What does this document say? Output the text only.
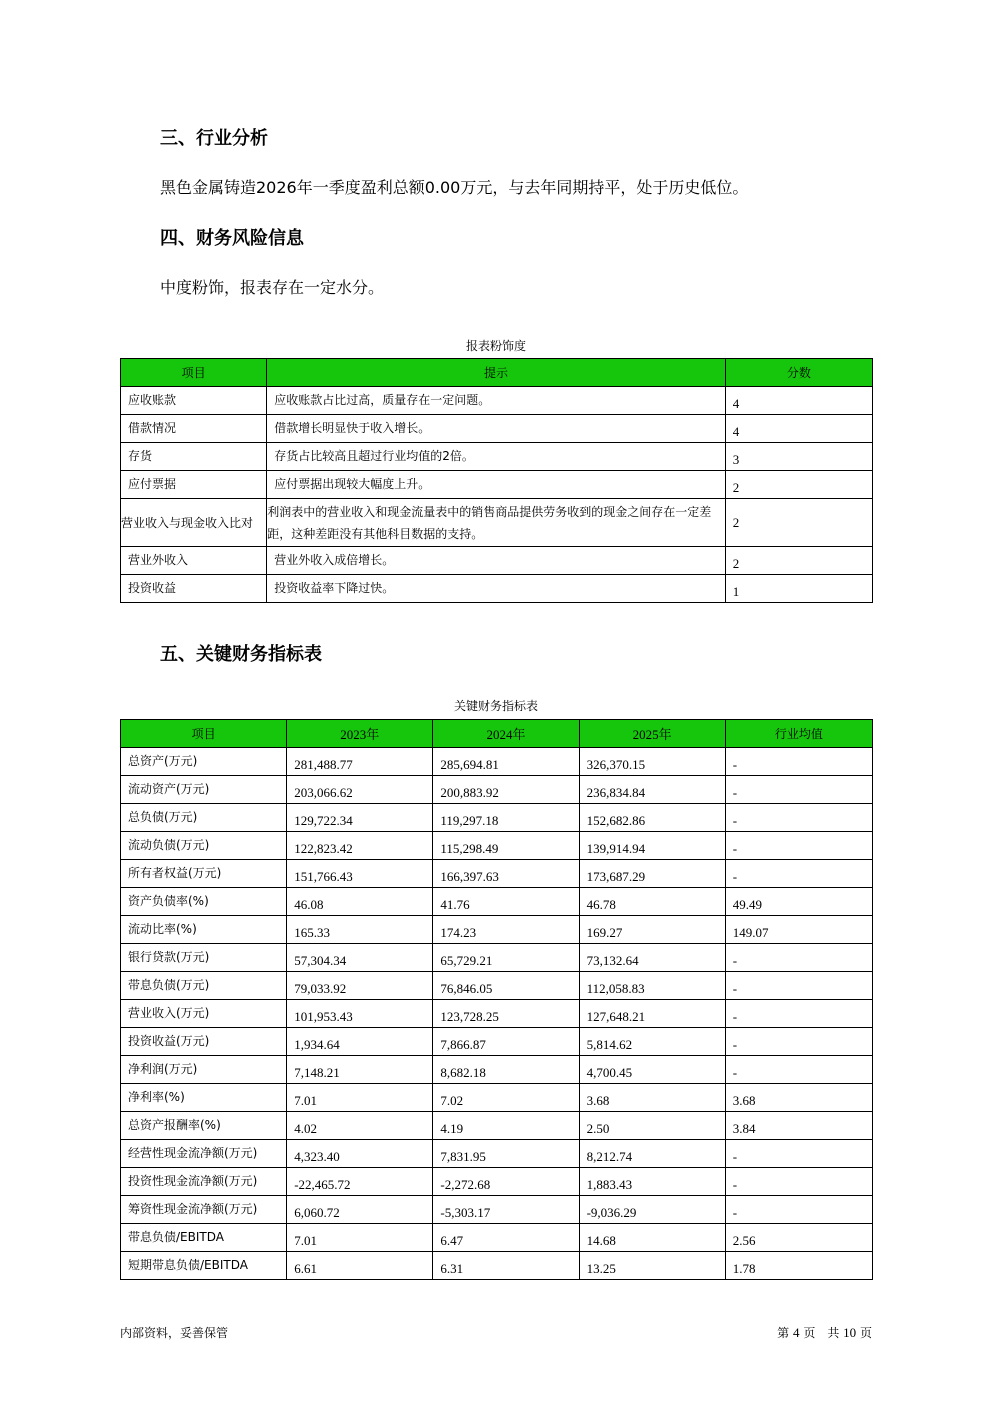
三、行业分析

黑色金属铸造2026年一季度盈利总额0.00万元，与去年同期持平，处于历史低位。

四、财务风险信息

中度粉饰，报表存在一定水分。

报表粉饰度
项目	提示	分数
应收账款	应收账款占比过高，质量存在一定问题。	4
借款情况	借款增长明显快于收入增长。	4
存货	存货占比较高且超过行业均值的2倍。	3
应付票据	应付票据出现较大幅度上升。	2
营业收入与现金收入比对	利润表中的营业收入和现金流量表中的销售商品提供劳务收到的现金之间存在一定差距，这种差距没有其他科目数据的支持。	2
营业外收入	营业外收入成倍增长。	2
投资收益	投资收益率下降过快。	1
五、关键财务指标表
关键财务指标表
项目	2023年	2024年	2025年	行业均值
总资产(万元)	281,488.77	285,694.81	326,370.15	-
流动资产(万元)	203,066.62	200,883.92	236,834.84	-
总负债(万元)	129,722.34	119,297.18	152,682.86	-
流动负债(万元)	122,823.42	115,298.49	139,914.94	-
所有者权益(万元)	151,766.43	166,397.63	173,687.29	-
资产负债率(%)	46.08	41.76	46.78	49.49
流动比率(%)	165.33	174.23	169.27	149.07
银行贷款(万元)	57,304.34	65,729.21	73,132.64	-
带息负债(万元)	79,033.92	76,846.05	112,058.83	-
营业收入(万元)	101,953.43	123,728.25	127,648.21	-
投资收益(万元)	1,934.64	7,866.87	5,814.62	-
净利润(万元)	7,148.21	8,682.18	4,700.45	-
净利率(%)	7.01	7.02	3.68	3.68
总资产报酬率(%)	4.02	4.19	2.50	3.84
经营性现金流净额(万元)	4,323.40	7,831.95	8,212.74	-
投资性现金流净额(万元)	-22,465.72	-2,272.68	1,883.43	-
筹资性现金流净额(万元)	6,060.72	-5,303.17	-9,036.29	-
带息负债/EBITDA	7.01	6.47	14.68	2.56
短期带息负债/EBITDA	6.61	6.31	13.25	1.78
内部资料，妥善保管	第 4 页　共 10 页
